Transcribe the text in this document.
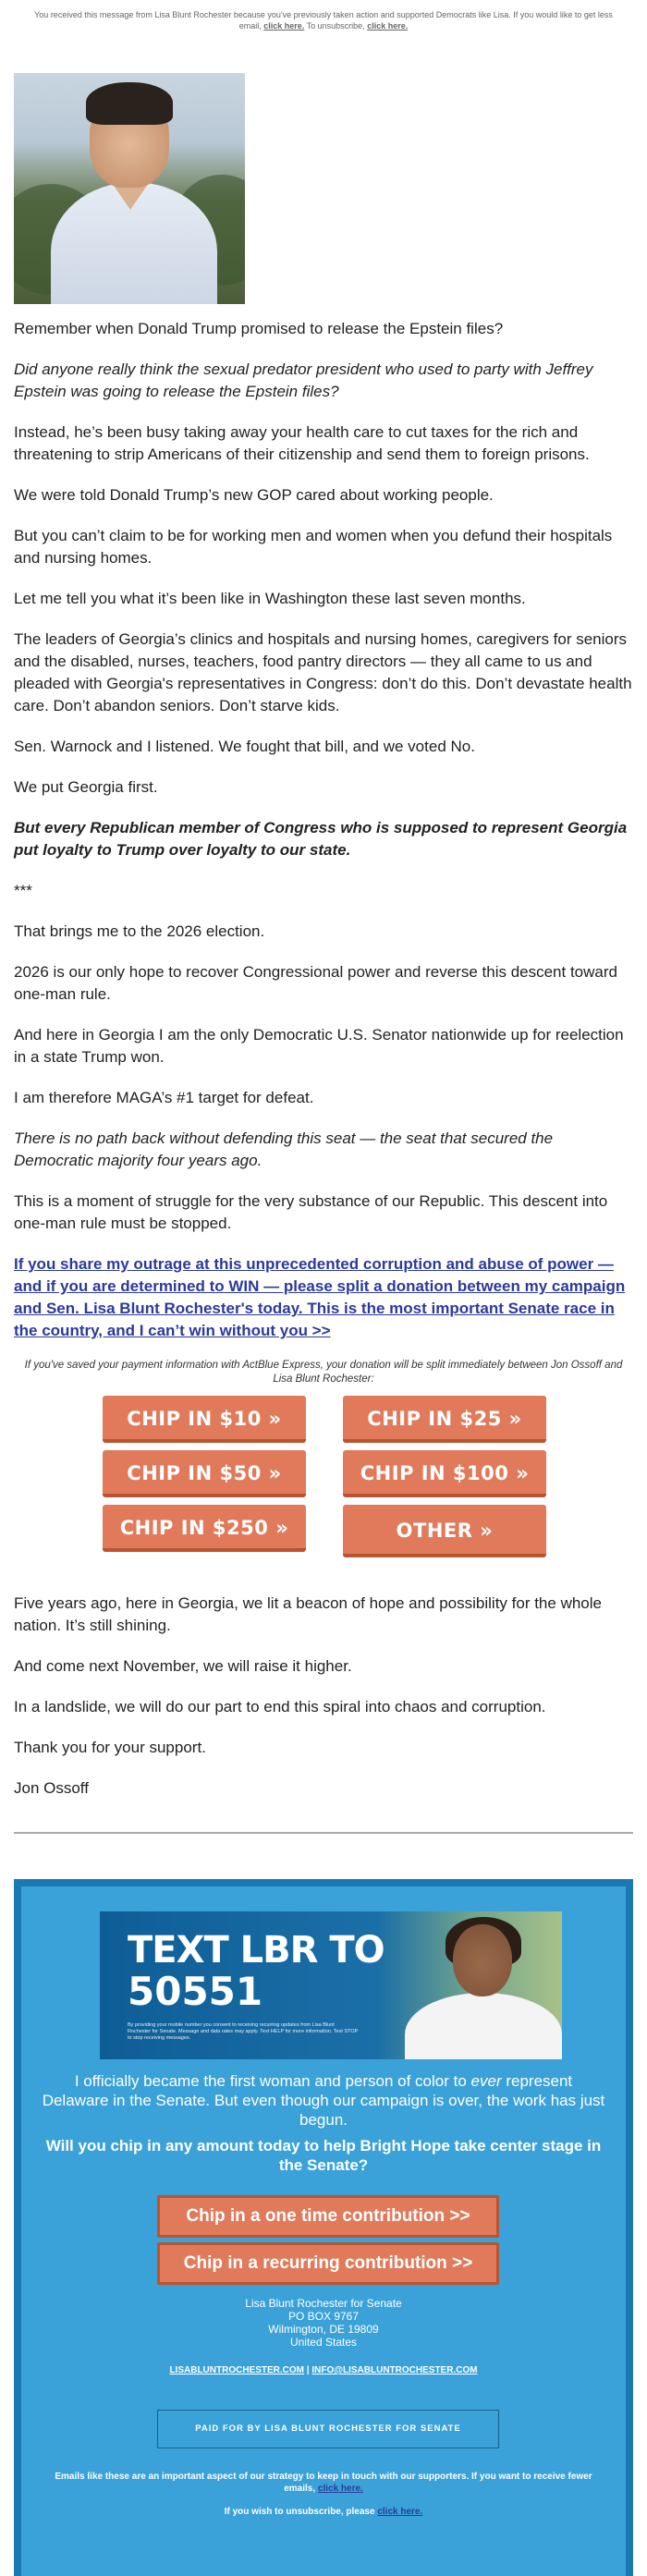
You received this message from Lisa Blunt Rochester because you've previously taken action and supported Democrats like Lisa. If you would like to get less email, click here. To unsubscribe, click here.

Remember when Donald Trump promised to release the Epstein files?

Did anyone really think the sexual predator president who used to party with Jeffrey Epstein was going to release the Epstein files?

Instead, he’s been busy taking away your health care to cut taxes for the rich and threatening to strip Americans of their citizenship and send them to foreign prisons.

We were told Donald Trump’s new GOP cared about working people.

But you can’t claim to be for working men and women when you defund their hospitals and nursing homes.

Let me tell you what it’s been like in Washington these last seven months.

The leaders of Georgia’s clinics and hospitals and nursing homes, caregivers for seniors and the disabled, nurses, teachers, food pantry directors — they all came to us and pleaded with Georgia's representatives in Congress: don’t do this. Don’t devastate health care. Don’t abandon seniors. Don’t starve kids.

Sen. Warnock and I listened. We fought that bill, and we voted No.

We put Georgia first.

But every Republican member of Congress who is supposed to represent Georgia put loyalty to Trump over loyalty to our state.

***

That brings me to the 2026 election.

2026 is our only hope to recover Congressional power and reverse this descent toward one-man rule.

And here in Georgia I am the only Democratic U.S. Senator nationwide up for reelection in a state Trump won.

I am therefore MAGA’s #1 target for defeat.

There is no path back without defending this seat — the seat that secured the Democratic majority four years ago.

This is a moment of struggle for the very substance of our Republic. This descent into one-man rule must be stopped.

If you share my outrage at this unprecedented corruption and abuse of power — and if you are determined to WIN — please split a donation between my campaign and Sen. Lisa Blunt Rochester's today. This is the most important Senate race in the country, and I can’t win without you >>

If you've saved your payment information with ActBlue Express, your donation will be split immediately between Jon Ossoff and Lisa Blunt Rochester:

CHIP IN $10 »	CHIP IN $25 »
CHIP IN $50 »	CHIP IN $100 »
CHIP IN $250 »	OTHER »

Five years ago, here in Georgia, we lit a beacon of hope and possibility for the whole nation. It’s still shining.

And come next November, we will raise it higher.

In a landslide, we will do our part to end this spiral into chaos and corruption.

Thank you for your support.

Jon Ossoff

TEXT LBR TO
50551
By providing your mobile number you consent to receiving recurring updates from Lisa Blunt Rochester for Senate. Message and data rates may apply. Text HELP for more information. Text STOP to stop receiving messages.
I officially became the first woman and person of color to ever represent Delaware in the Senate. But even though our campaign is over, the work has just begun.
Will you chip in any amount today to help Bright Hope take center stage in the Senate?
Chip in a one time contribution >>
Chip in a recurring contribution >>
Lisa Blunt Rochester for Senate
PO BOX 9767
Wilmington, DE 19809
United States
LISABLUNTROCHESTER.COM | INFO@LISABLUNTROCHESTER.COM
PAID FOR BY LISA BLUNT ROCHESTER FOR SENATE
Emails like these are an important aspect of our strategy to keep in touch with our supporters. If you want to receive fewer emails, click here.
If you wish to unsubscribe, please click here.
